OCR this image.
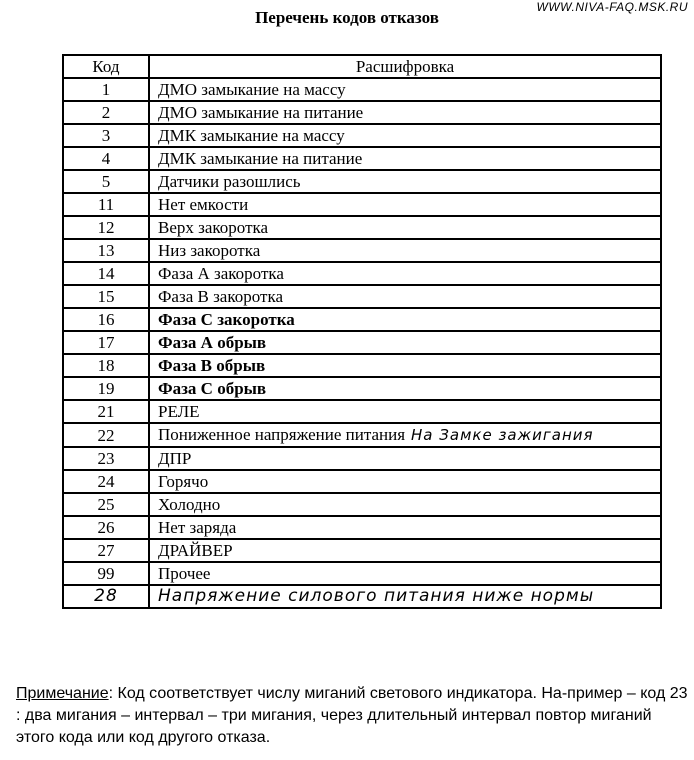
WWW.NIVA-FAQ.MSK.RU
Перечень кодов отказов
Код	Расшифровка
1	ДМО замыкание на массу
2	ДМО замыкание на питание
3	ДМК замыкание на массу
4	ДМК замыкание на питание
5	Датчики разошлись
11	Нет емкости
12	Верх закоротка
13	Низ закоротка
14	Фаза А закоротка
15	Фаза В закоротка
16	Фаза С закоротка
17	Фаза А обрыв
18	Фаза В обрыв
19	Фаза С обрыв
21	РЕЛЕ
22	Пониженное напряжение питания На Замке зажигания
23	ДПР
24	Горячо
25	Холодно
26	Нет заряда
27	ДРАЙВЕР
99	Прочее
28	Напряжение силового питания ниже нормы
Примечание: Код соответствует числу миганий светового индикатора. На-пример – код 23 : два мигания – интервал – три мигания, через длительный интервал повтор миганий этого кода или код другого отказа.
